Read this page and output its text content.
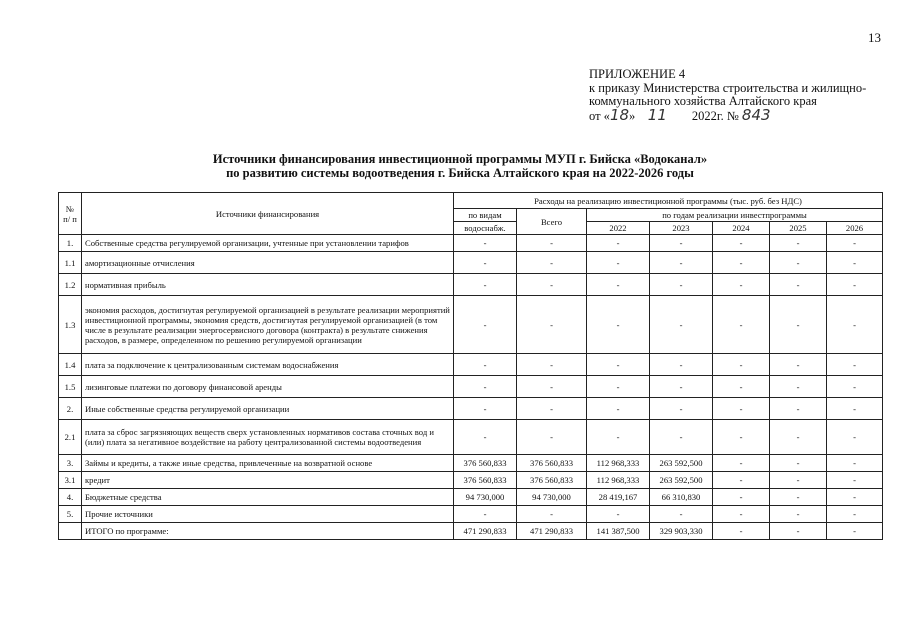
13
ПРИЛОЖЕНИЕ 4
к приказу Министерства строительства и жилищно-
коммунального хозяйства Алтайского края
от «18» 11 2022г. № 843
Источники финансирования инвестиционной программы МУП г. Бийска «Водоканал»
по развитию системы водоотведения г. Бийска Алтайского края на 2022-2026 годы
№ п/ п	Источники финансирования	Расходы на реализацию инвестиционной программы (тыс. руб. без НДС)						
		по видам	Всего	по годам реализации инвестпрограммы				
		водоснабж.		2022	2023	2024	2025	2026
1.	Собственные средства регулируемой организации, учтенные при установлении тарифов	-	-	-	-	-	-	-
1.1	амортизационные отчисления	-	-	-	-	-	-	-
1.2	нормативная прибыль	-	-	-	-	-	-	-
1.3	экономия расходов, достигнутая регулируемой организацией в результате реализации мероприятий инвестиционной программы, экономия средств, достигнутая регулируемой организацией (в том числе в результате реализации энергосервисного договора (контракта) в результате снижения расходов, в размере, определенном по решению регулируемой организации	-	-	-	-	-	-	-
1.4	плата за подключение к централизованным системам водоснабжения	-	-	-	-	-	-	-
1.5	лизинговые платежи по договору финансовой аренды	-	-	-	-	-	-	-
2.	Иные собственные средства регулируемой организации	-	-	-	-	-	-	-
2.1	плата за сброс загрязняющих веществ сверх установленных нормативов состава сточных вод и (или) плата за негативное воздействие на работу централизованной системы водоотведения	-	-	-	-	-	-	-
3.	Займы и кредиты, а также иные средства, привлеченные на возвратной основе	376 560,833	376 560,833	112 968,333	263 592,500	-	-	-
3.1	кредит	376 560,833	376 560,833	112 968,333	263 592,500	-	-	-
4.	Бюджетные средства	94 730,000	94 730,000	28 419,167	66 310,830	-	-	-
5.	Прочие источники	-	-	-	-	-	-	-
	ИТОГО по программе:	471 290,833	471 290,833	141 387,500	329 903,330	-	-	-
